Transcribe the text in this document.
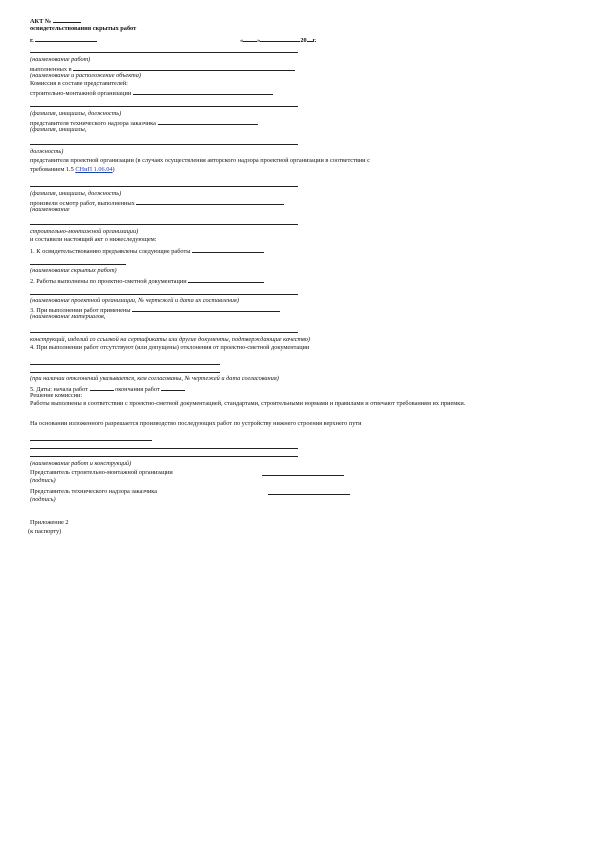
АКТ №
освидетельствования скрытых работ
г.	« »	20 г.
(наименование работ)
выполненных в
(наименование и расположение объекта)
Комиссия в составе представителей:
строительно-монтажной организации
(фамилия, инициалы, должность)
представителя технического надзора заказчика
(фамилия, инициалы,
должность)
представителя проектной организации (в случаях осуществления авторского надзора проектной организации в соответствии с
требованием 1.5 СНиП 1.06.04)
(фамилия, инициалы, должность)
произвели осмотр работ, выполненных
(наименование
строительно-монтажной организации)
и составили настоящий акт о нижеследующем:
1. К освидетельствованию предъявлены следующие работы
(наименование скрытых работ)
2. Работы выполнены по проектно-сметной документации
(наименование проектной организации, № чертежей и дата их составления)
3. При выполнении работ применены
(наименование материалов,
конструкций, изделий со ссылкой на сертификаты или другие документы, подтверждающие качество)
4. При выполнении работ отсутствуют (или допущены) отклонения от проектно-сметной документации
(при наличии отклонений указывается, кем согласованы, № чертежей и дата согласования)
5. Даты: начала работ	окончания работ
Решение комиссии:
Работы выполнены в соответствии с проектно-сметной документацией, стандартами, строительными нормами и правилами и отвечают требованиям их приемки.
На основании изложенного разрешается производство последующих работ по устройству нижнего строения верхнего пути
(наименование работ и конструкций)
Представитель строительно-монтажной организации
(подпись)
Представитель технического надзора заказчика
(подпись)
Приложение 2
(к паспорту)
